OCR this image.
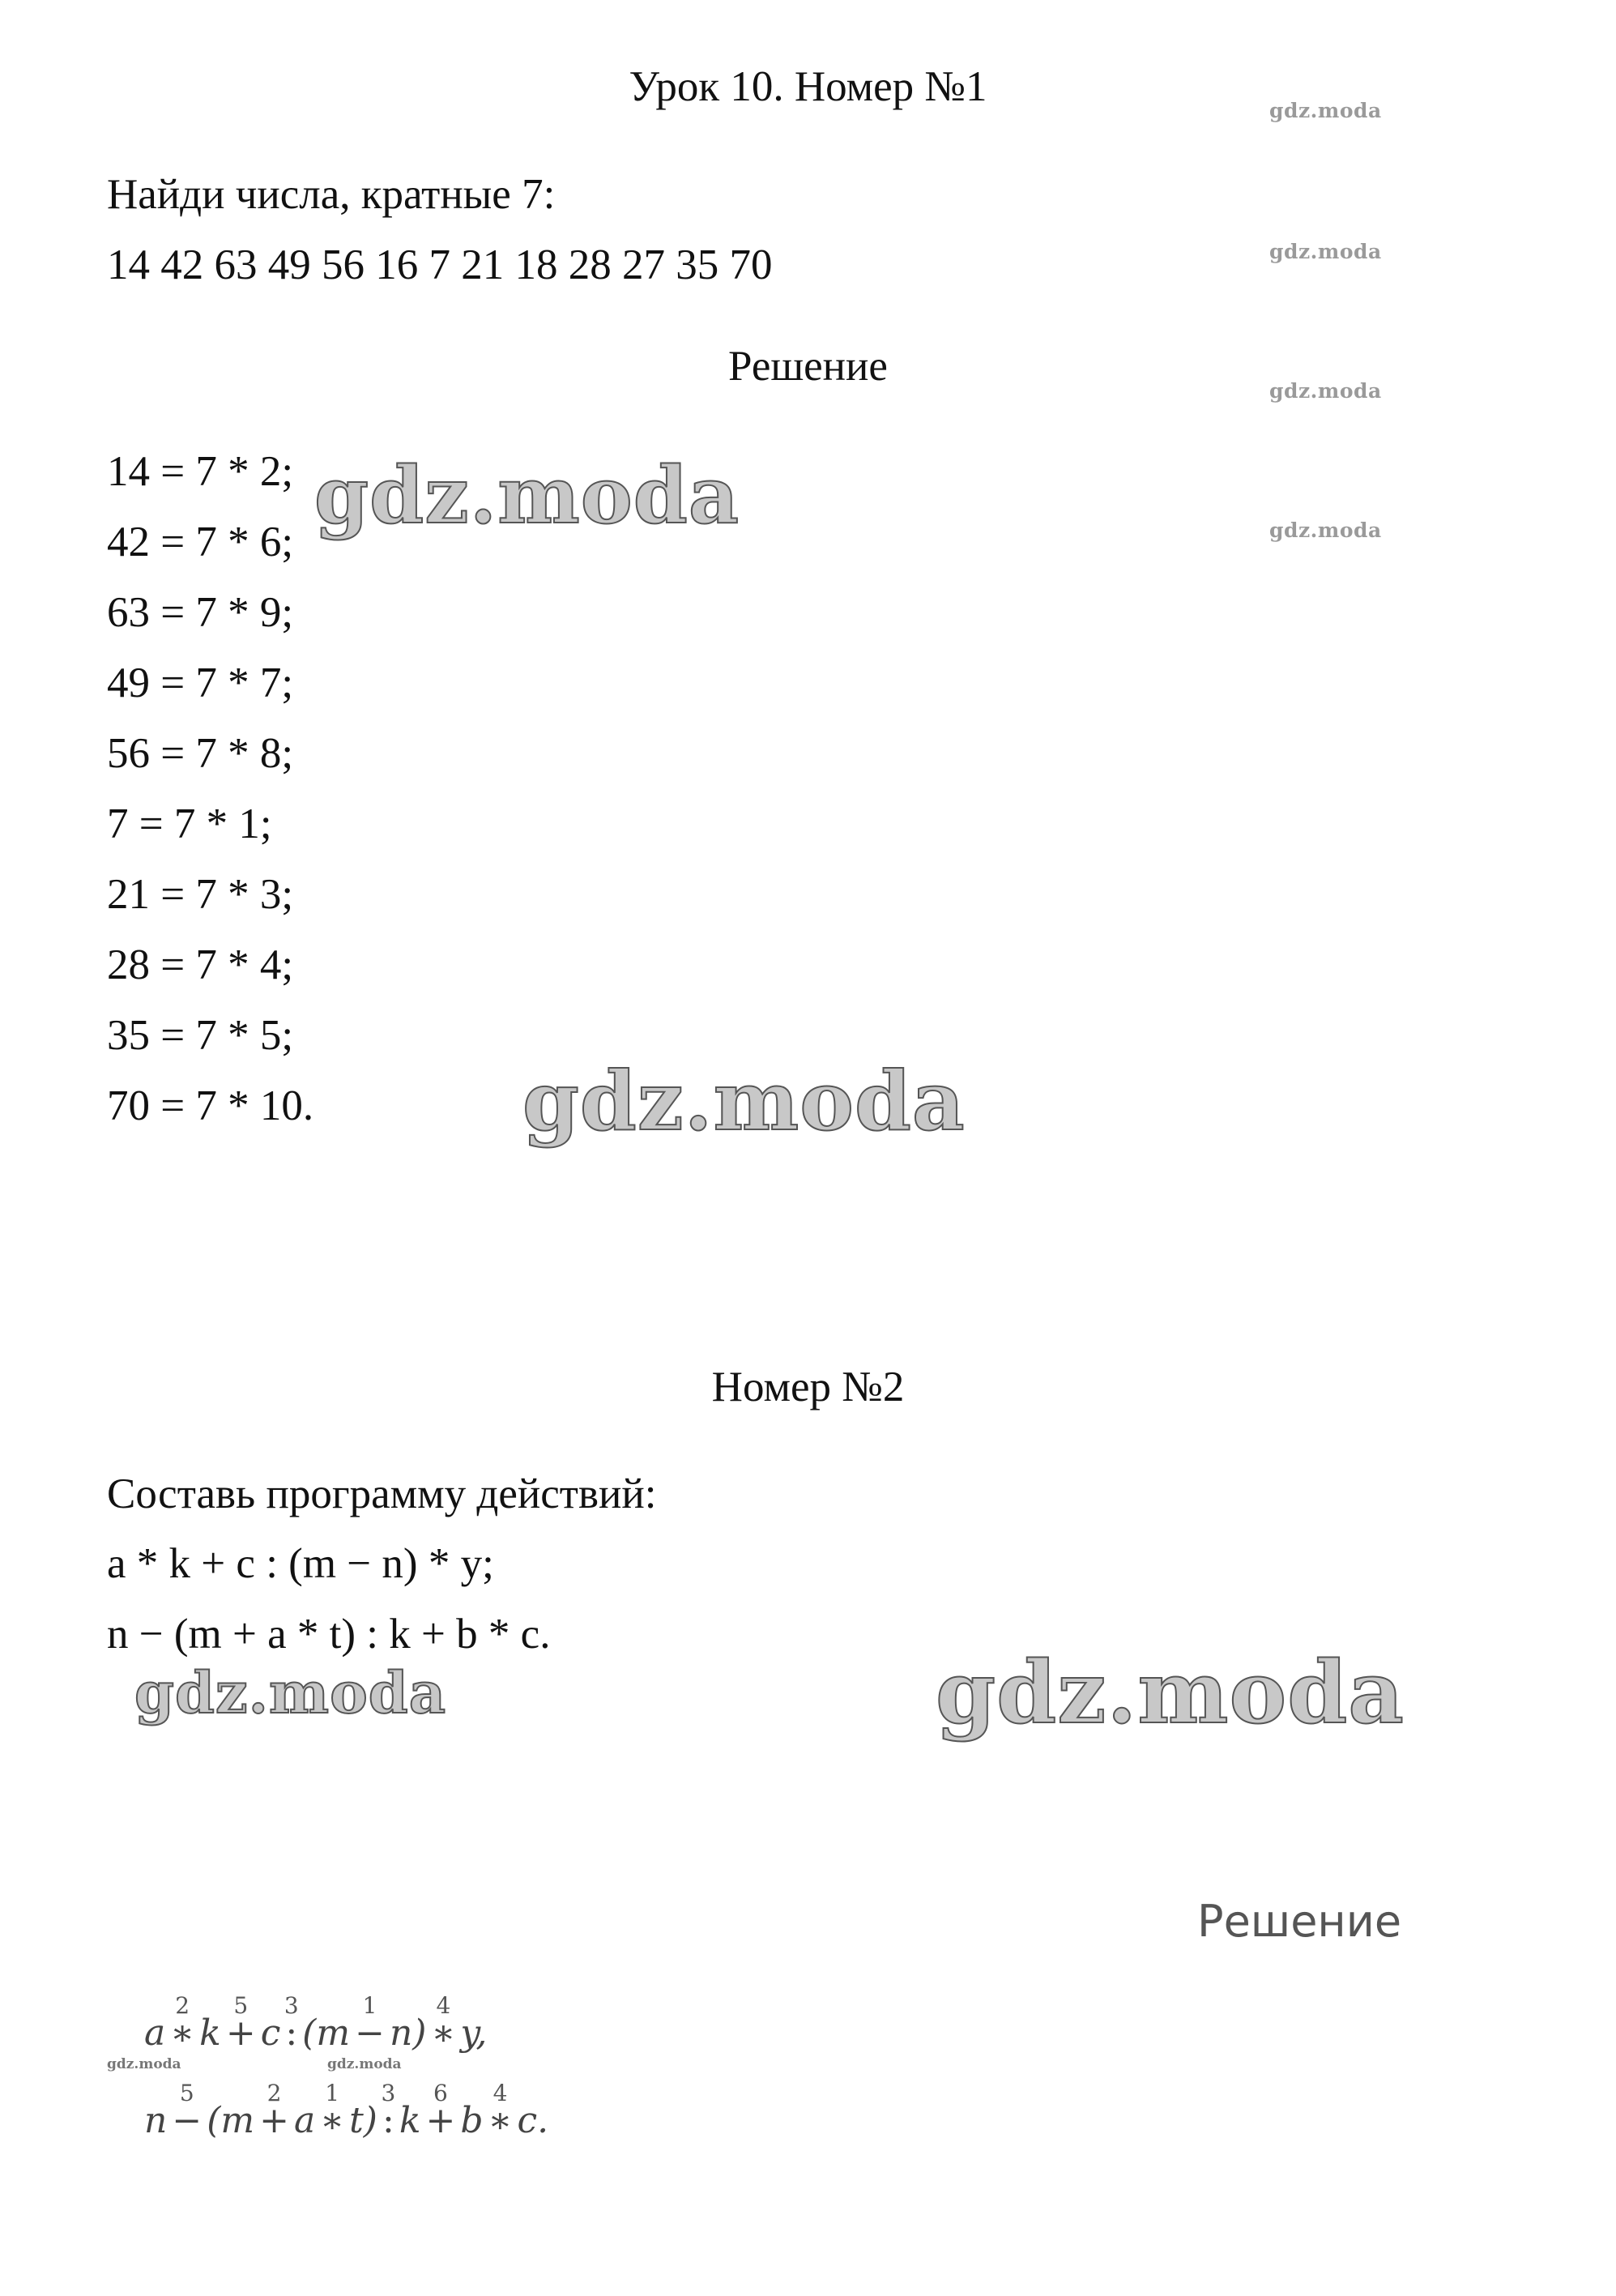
Урок 10. Номер №1
Найди числа, кратные 7:
14 42 63 49 56 16 7 21 18 28 27 35 70
Решение
14 = 7 * 2;
42 = 7 * 6;
63 = 7 * 9;
49 = 7 * 7;
56 = 7 * 8;
7 = 7 * 1;
21 = 7 * 3;
28 = 7 * 4;
35 = 7 * 5;
70 = 7 * 10.
Номер №2
Составь программу действий:
a * k + c : (m − n) * y;
n − (m + a * t) : k + b * c.
Решение
a
2
∗ k
5
+ c
3
: (m
1
− n)
4
∗ y,
n
5
− (m
2
+ a
1
∗ t)
3
: k
6
+ b
4
∗ c.
gdz.moda
gdz.moda
gdz.moda
gdz.moda
gdz.moda
gdz.moda
gdz.moda	gdz.moda
gdz.moda	gdz.moda
